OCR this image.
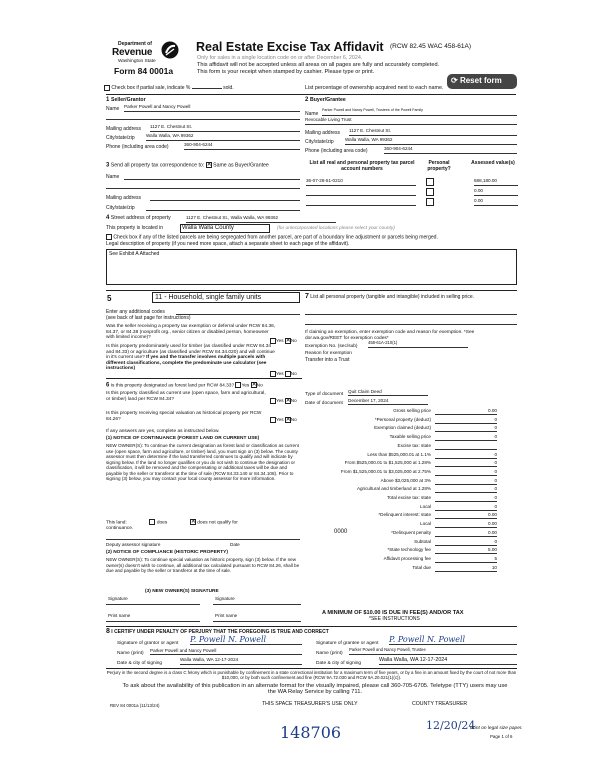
Department of
Revenue
Washington State
Form 84 0001a
Real Estate Excise Tax Affidavit (RCW 82.45 WAC 458-61A)
Only for sales in a single location code on or after December 6, 2024.
This affidavit will not be accepted unless all areas on all pages are fully and accurately completed.
This form is your receipt when stamped by cashier. Please type or print.
⟳ Reset form
Check box if partial sale, indicate %	sold.	List percentage of ownership acquired next to each name.
1 Seller/Grantor
Name Parker Powell and Nancy Powell
Mailing address 1127 E. Chestnut St.
City/state/zip Walla Walla, WA 99362
Phone (including area code)	360-904-6244
2 Buyer/Grantee
Name
Parker Powell and Nancy Powell, Trustees of the Powell Family
Revocable Living Trust
Mailing address 1127 E. Chestnut St.
City/state/zip Walla Walla, WA 99362
Phone (including area code)	360-904-6244
3 Send all property tax correspondence to: ✕ Same as Buyer/Grantee
Name
Mailing address
City/state/zip
List all real and personal property tax parcel account numbers
Personal property?
Assessed value(s)
36-07-28-51-0210	688,180.00
0.00
0.00
4 Street address of property	1127 E. Chestnut St., Walla Walla, WA 99362
This property is located in	Walla Walla County	(for unincorporated locations please select your county)
Check box if any of the listed parcels are being segregated from another parcel, are part of a boundary line adjustment or parcels being merged.
Legal description of property (if you need more space, attach a separate sheet to each page of the affidavit).
See Exhibit A Attached
5	11 - Household, single family units
Enter any additional codes
(see back of last page for instructions)
Was the seller receiving a property tax exemption or deferral under RCW 84.36, 84.37, or 84.38 (nonprofit org., senior citizen or disabled person, homeowner with limited income)?
Yes ✕ No
Is this property predominately used for timber (as classified under RCW 84.34 and 84.33) or agriculture (as classified under RCW 84.34.020) and will continue in it's current use? If yes and the transfer involves multiple parcels with different classifications, complete the predominate use calculator (see instructions)
Yes No
6 Is this property designated as forest land per RCW 84.33? Yes ✕ No
Is this property classified as current use (open space, farm and agricultural, or timber) land per RCW 84.34?	Yes ✕ No
Is this property receiving special valuation as historical property per RCW 84.26?	Yes ✕ No
If any answers are yes, complete as instructed below.
(1) NOTICE OF CONTINUANCE (FOREST LAND OR CURRENT USE)
NEW OWNER(S): To continue the current designation as forest land or classification as current use (open space, farm and agriculture, or timber) land, you must sign on (3) below. The county assessor must then determine if the land transferred continues to qualify and will indicate by signing below. If the land no longer qualifies or you do not wish to continue the designation or classification, it will be removed and the compensating or additional taxes will be due and payable by the seller or transferor at the time of sale (RCW 84.33.140 or 84.34.108). Prior to signing (3) below, you may contact your local county assessor for more information.
This land:	does ✕	does not qualify for
continuance.
Deputy assessor signature	Date
(2) NOTICE OF COMPLIANCE (HISTORIC PROPERTY)
NEW OWNER(S): To continue special valuation as historic property, sign (3) below. If the new owner(s) doesn't wish to continue, all additional tax calculated pursuant to RCW 84.26, shall be due and payable by the seller or transferor at the time of sale.
(3) NEW OWNER(S) SIGNATURE
Signature	Signature
Print name	Print name
7 List all personal property (tangible and intangible) included in selling price.
If claiming an exemption, enter exemption code and reason for exemption. *See dor.wa.gov/REET for exemption codes*
Exemption No. (sec/sub)
458-61A-210(1)
Reason for exemption
Transfer into a Trust
Type of document
Quit Claim Deed
Date of document
December 17, 2024
Gross selling price	0.00
*Personal property (deduct)	0
Exemption claimed (deduct)	0
Taxable selling price	0
Excise tax: state
Less than $525,000.01 at 1.1%	0
From $525,000.01 to $1,525,000 at 1.28%	0
From $1,525,000.01 to $3,025,000 at 2.75%	0
Above $3,025,000 at 3%	0
Agricultural and timberland at 1.28%	0
Total excise tax: state	0
Local	0
*Delinquent interest: state	0.00
Local	0.00
*Delinquent penalty	0.00
Subtotal	0
*State technology fee	5.00
Affidavit processing fee	5
Total due	10
0000
A MINIMUM OF $10.00 IS DUE IN FEE(S) AND/OR TAX
*SEE INSTRUCTIONS
8 I CERTIFY UNDER PENALTY OF PERJURY THAT THE FOREGOING IS TRUE AND CORRECT
Signature of grantor or agent P. Powell N. Powell
Name (print)
Parker Powell and Nancy Powell
Date & city of signing
Walla Walla, WA 12-17-2024
Signature of grantee or agent P. Powell N. Powell
Name (print)
Parker Powell and Nancy Powell, Trustee
Date & city of signing
Walla Walla, WA 12-17-2024
Perjury in the second degree is a class C felony which is punishable by confinement in a state correctional institution for a maximum term of five years, or by a fine in an amount fixed by the court of not more than $10,000, or by both such confinement and fine (RCW 9A.72.030 and RCW 9A.20.021(1)(c)).
To ask about the availability of this publication in an alternate format for the visually impaired, please call 360-705-6705. Teletype (TTY) users may use the WA Relay Service by calling 711.
REV 84 0001a (11/13/24)	THIS SPACE TREASURER'S USE ONLY	COUNTY TREASURER
148706	12/20/24
Print on legal size paper.
Page 1 of 6
